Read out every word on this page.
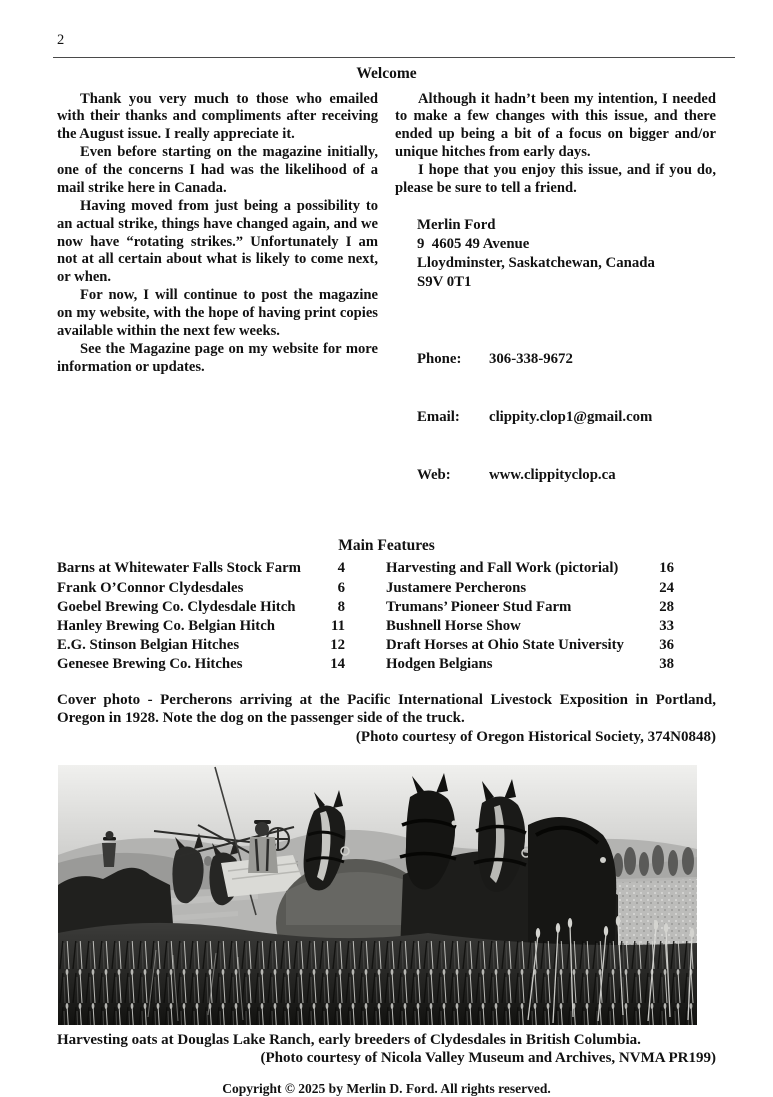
2
Welcome

Thank you very much to those who emailed with their thanks and compliments after receiving the August issue. I really appreciate it.

Even before starting on the magazine initially, one of the concerns I had was the likelihood of a mail strike here in Canada.

Having moved from just being a possibility to an actual strike, things have changed again, and we now have “rotating strikes.” Unfortunately I am not at all certain about what is likely to come next, or when.

For now, I will continue to post the magazine on my website, with the hope of having print copies available within the next few weeks.

See the Magazine page on my website for more information or updates.

Although it hadn’t been my intention, I needed to make a few changes with this issue, and there ended up being a bit of a focus on bigger and/or unique hitches from early days.

I hope that you enjoy this issue, and if you do, please be sure to tell a friend.

Merlin Ford
9  4605 49 Avenue
Lloydminster, Saskatchewan, Canada
S9V 0T1

Phone:	306-338-9672

Email:	clippity.clop1@gmail.com

Web:	www.clippityclop.ca

Main Features
Barns at Whitewater Falls Stock Farm	4
Frank O’Connor Clydesdales	6
Goebel Brewing Co. Clydesdale Hitch	8
Hanley Brewing Co. Belgian Hitch	11
E.G. Stinson Belgian Hitches	12
Genesee Brewing Co. Hitches	14
Harvesting and Fall Work (pictorial)	16
Justamere Percherons	24
Trumans’ Pioneer Stud Farm	28
Bushnell Horse Show	33
Draft Horses at Ohio State University	36
Hodgen Belgians	38

Cover photo - Percherons arriving at the Pacific International Livestock Exposition in Portland, Oregon in 1928. Note the dog on the passenger side of the truck.

(Photo courtesy of Oregon Historical Society, 374N0848)
Harvesting oats at Douglas Lake Ranch, early breeders of Clydesdales in British Columbia.
(Photo courtesy of Nicola Valley Museum and Archives, NVMA PR199)
Copyright © 2025 by Merlin D. Ford. All rights reserved.
